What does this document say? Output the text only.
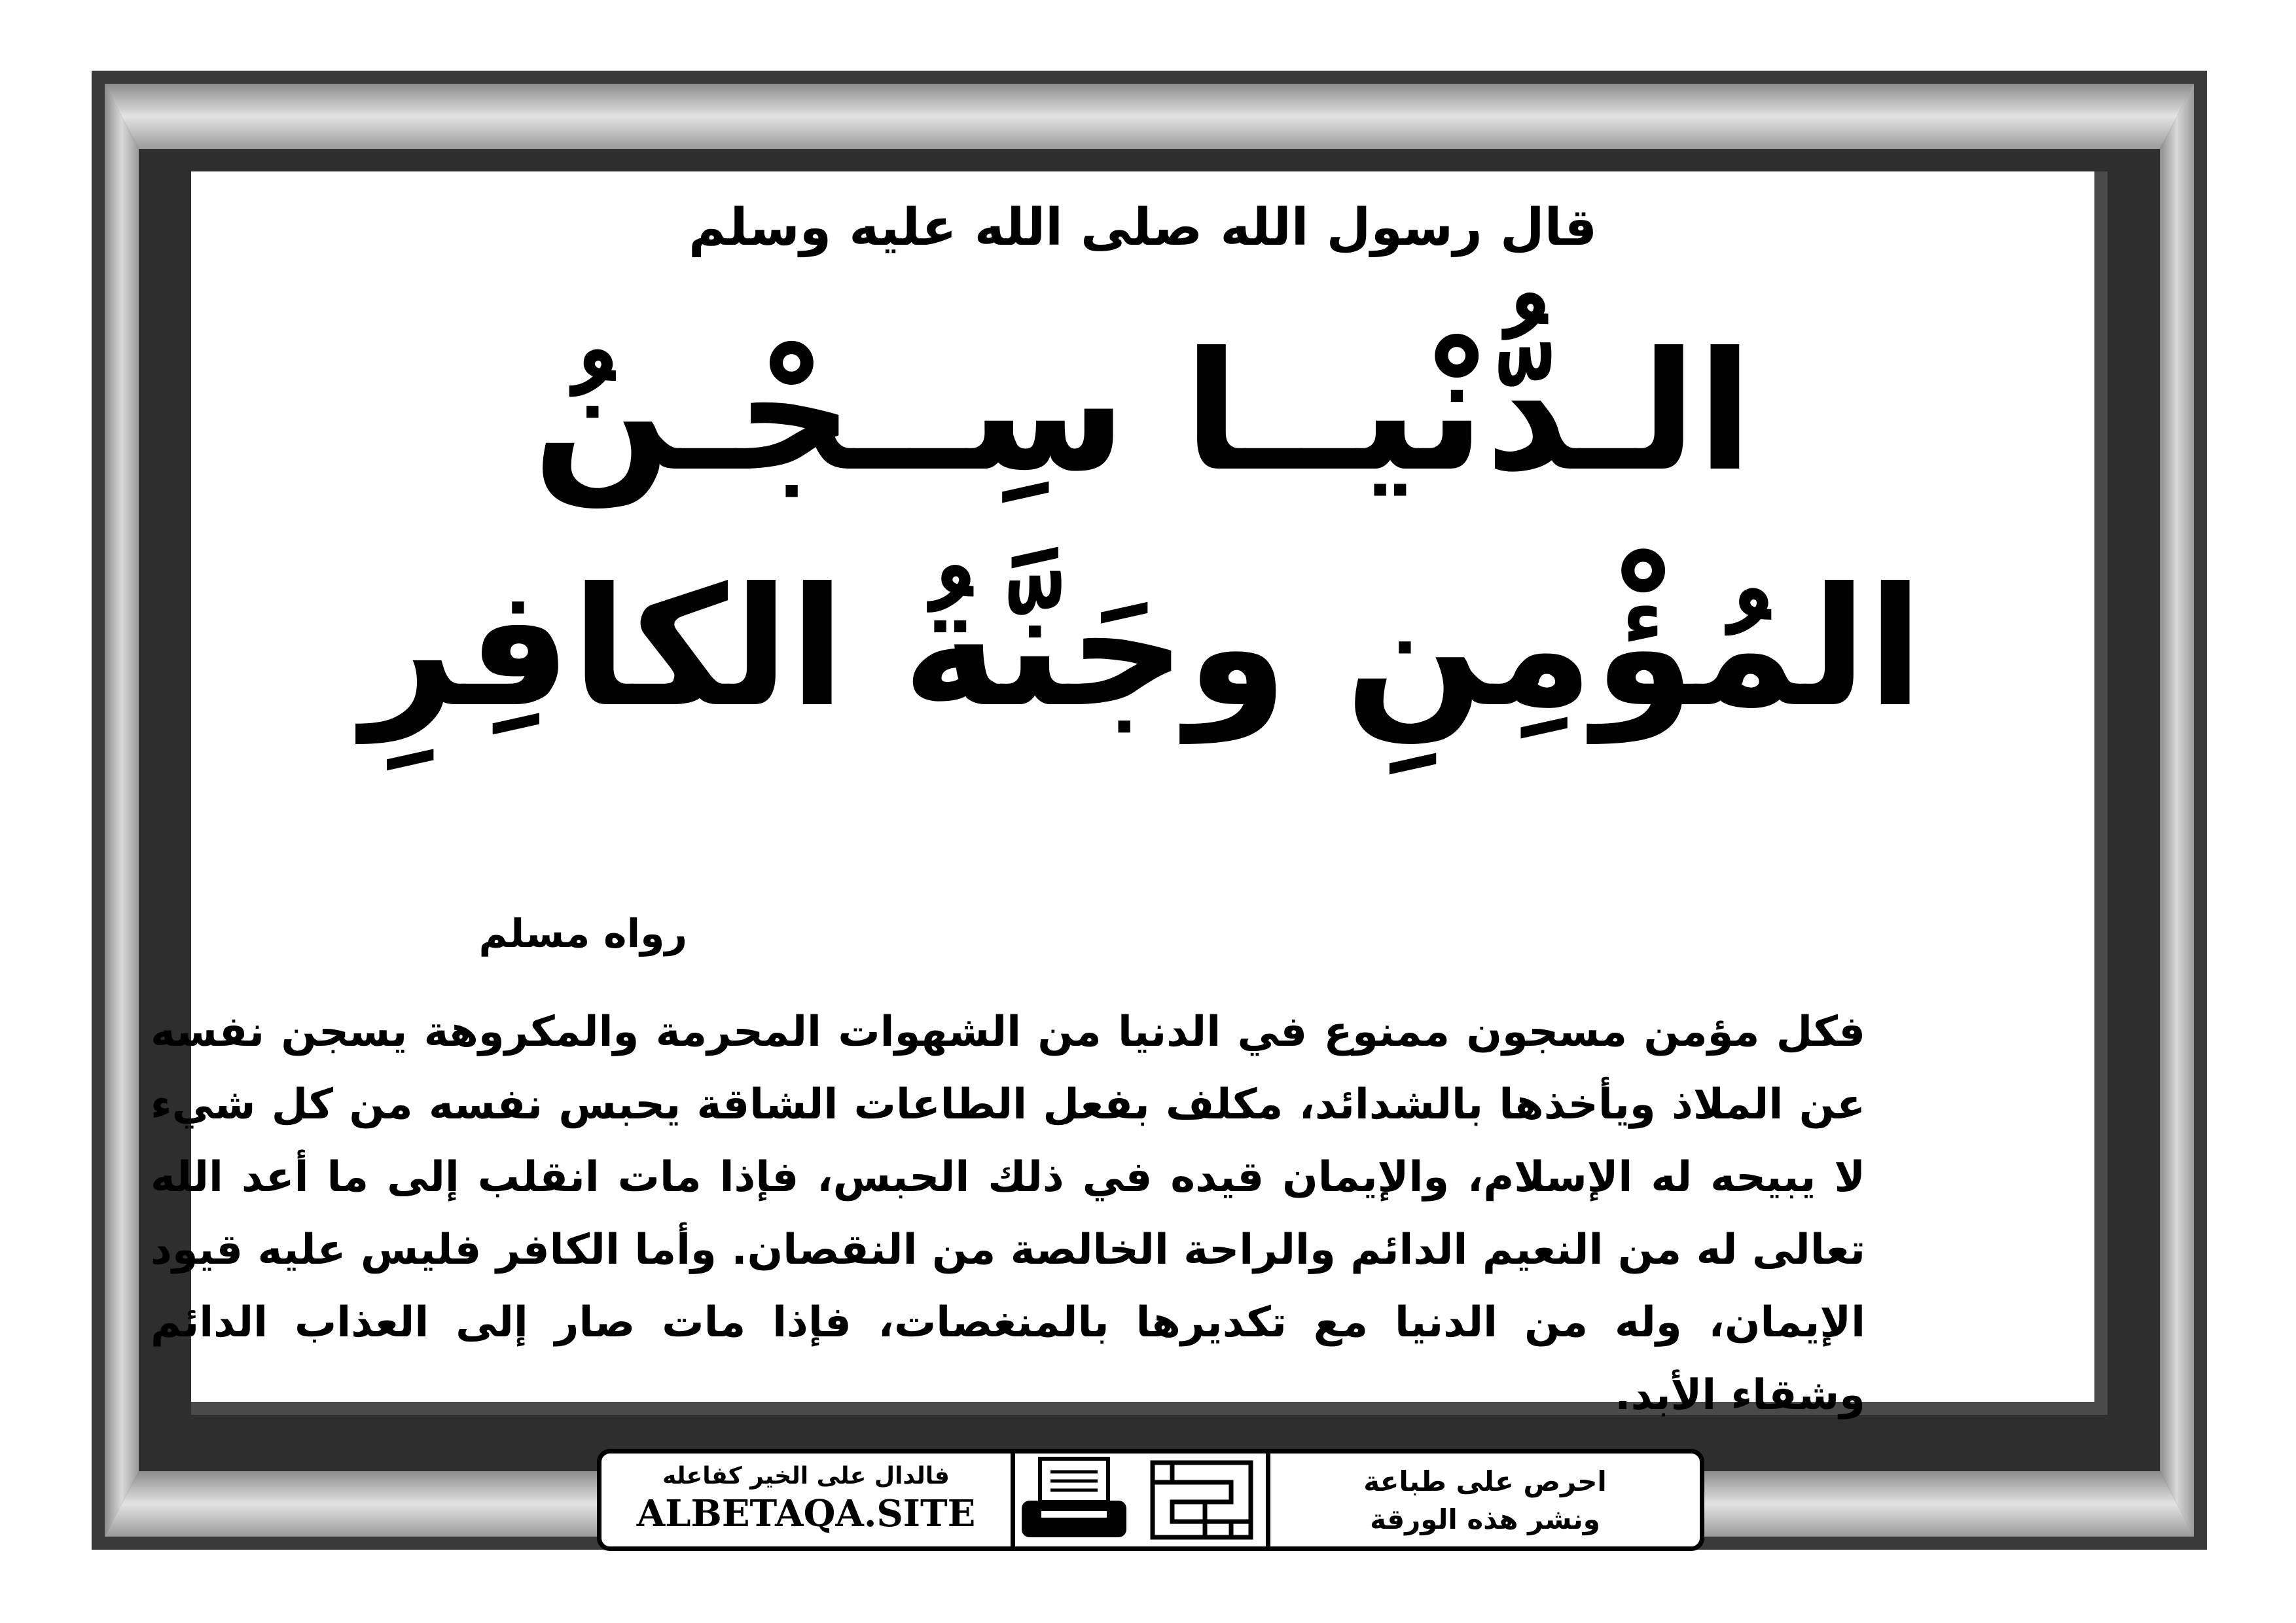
قال رسول الله صلى الله عليه وسلم
الـدُّنْيــا سِــجْـنُ
المُؤْمِنِ وجَنَّةُ الكافِرِ
رواه مسلم
فكل مؤمن مسجون ممنوع في الدنيا من الشهوات المحرمة والمكروهة يسجن نفسه عن الملاذ ويأخذها بالشدائد، مكلف بفعل الطاعات الشاقة يحبس نفسه من كل شيء لا يبيحه له الإسلام، والإيمان قيده في ذلك الحبس، فإذا مات انقلب إلى ما أعد الله تعالى له من النعيم الدائم والراحة الخالصة من النقصان. وأما الكافر فليس عليه قيود الإيمان، وله من الدنيا مع تكديرها بالمنغصات، فإذا مات صار إلى العذاب الدائم وشقاء الأبد.
فالدال على الخير كفاعله
ALBETAQA.SITE
احرص على طباعة
ونشر هذه الورقة
